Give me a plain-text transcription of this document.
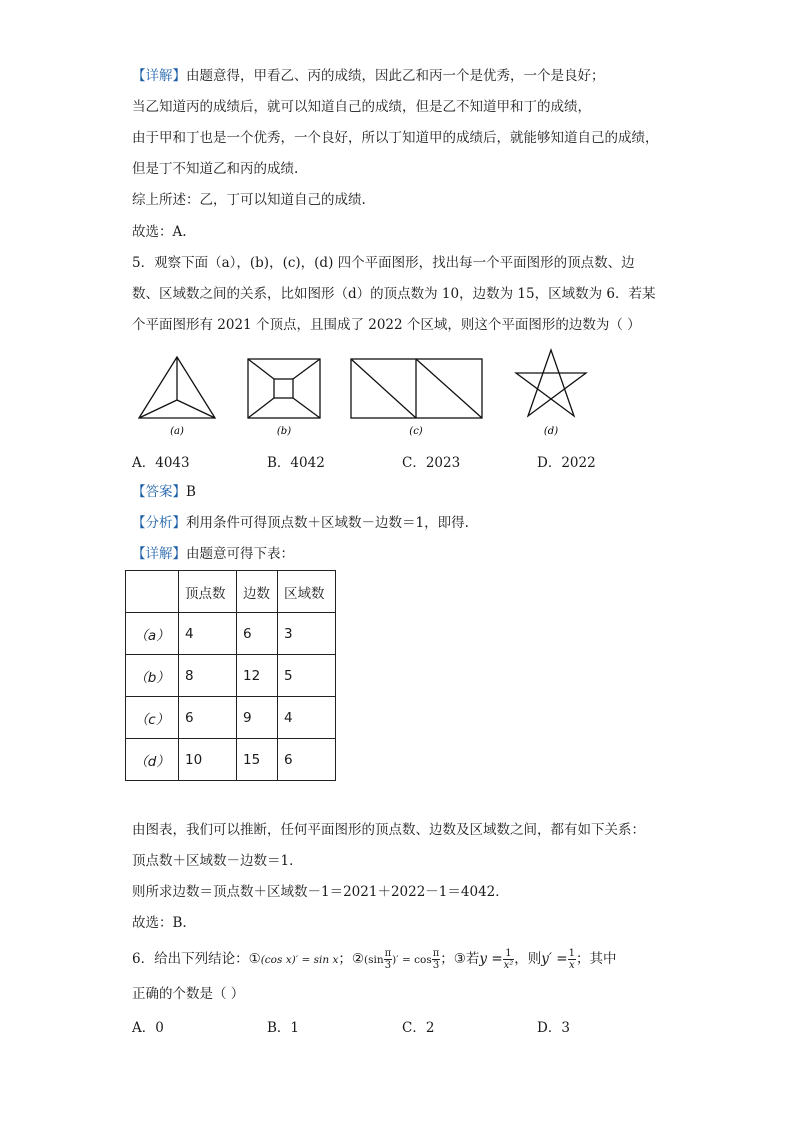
【详解】由题意得，甲看乙、丙的成绩，因此乙和丙一个是优秀，一个是良好；
当乙知道丙的成绩后，就可以知道自己的成绩，但是乙不知道甲和丁的成绩，
由于甲和丁也是一个优秀，一个良好，所以丁知道甲的成绩后，就能够知道自己的成绩，
但是丁不知道乙和丙的成绩.
综上所述：乙，丁可以知道自己的成绩.
故选：A.
5．观察下面（a），(b)，(c)，(d) 四个平面图形，找出每一个平面图形的顶点数、边
数、区域数之间的关系，比如图形（d）的顶点数为 10，边数为 15，区域数为 6．若某
个平面图形有 2021 个顶点，且围成了 2022 个区域，则这个平面图形的边数为（ ）
(a)	(b)	(c)	(d)
A．4043	B．4042	C．2023	D．2022
【答案】B
【分析】利用条件可得顶点数＋区域数－边数＝1，即得.
【详解】由题意可得下表：
	顶点数	边数	区域数
（a）	4	6	3
（b）	8	12	5
（c）	6	9	4
（d）	10	15	6
由图表，我们可以推断，任何平面图形的顶点数、边数及区域数之间，都有如下关系：
顶点数＋区域数－边数＝1．
则所求边数＝顶点数＋区域数－1＝2021＋2022－1＝4042．
故选：B.
6．给出下列结论：①(cos x)′ = sin x；②(sin $\frac{\pi}{3}$ )′ = $\cos \frac{\pi}{3}$ ；③若$y = \frac{1}{\text{x²}}$ ，则$y' = \frac{1}{x}$ ；其中
正确的个数是（ ）
A．0	B．1	C．2	D．3
